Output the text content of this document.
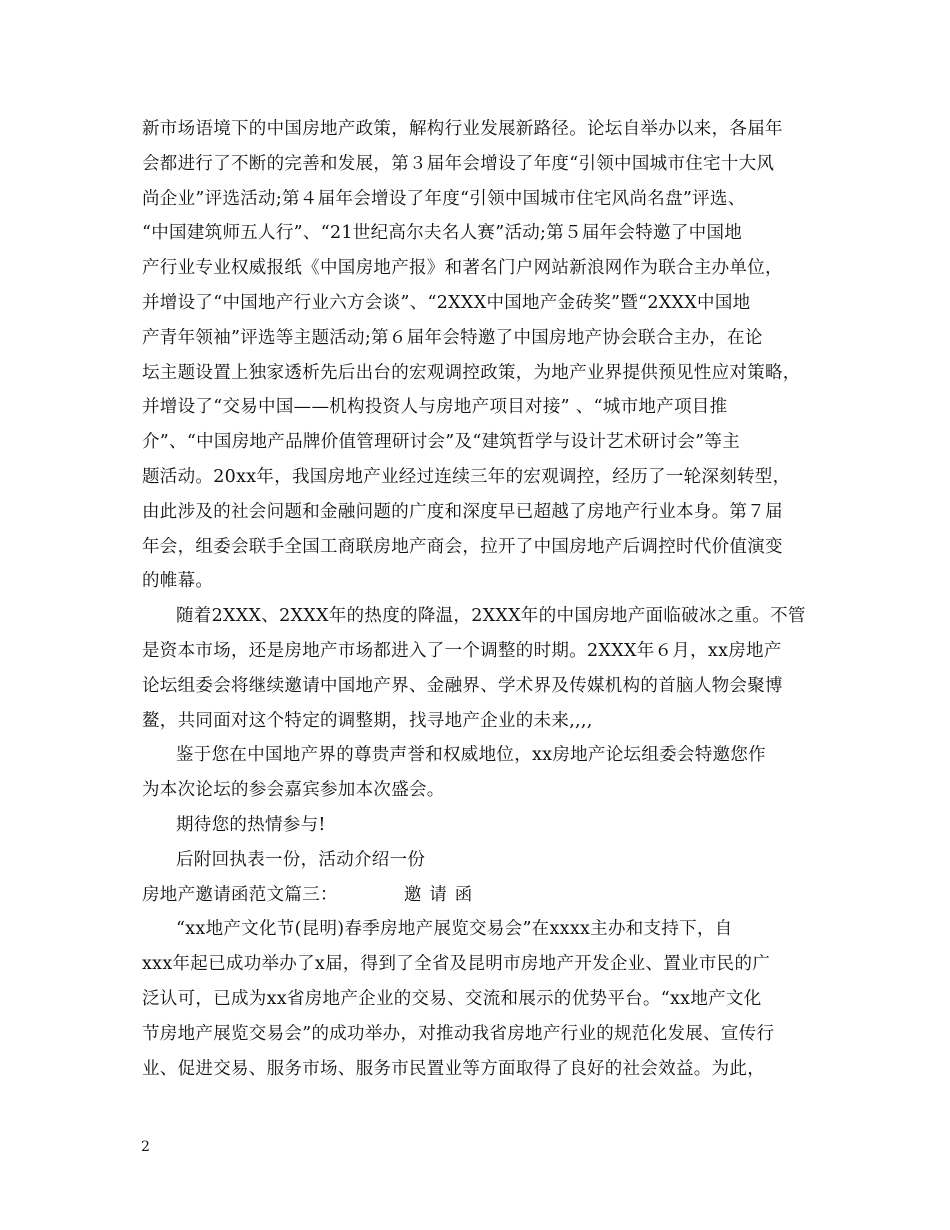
新市场语境下的中国房地产政策，解构行业发展新路径。论坛自举办以来，各届年
会都进行了不断的完善和发展，第３届年会增设了年度“引领中国城市住宅十大风
尚企业”评选活动;第４届年会增设了年度“引领中国城市住宅风尚名盘”评选、
“中国建筑师五人行”、“21世纪高尔夫名人赛”活动;第５届年会特邀了中国地
产行业专业权威报纸《中国房地产报》和著名门户网站新浪网作为联合主办单位，
并增设了“中国地产行业六方会谈”、“2XXX中国地产金砖奖”暨“2XXX中国地
产青年领袖”评选等主题活动;第６届年会特邀了中国房地产协会联合主办，在论
坛主题设置上独家透析先后出台的宏观调控政策，为地产业界提供预见性应对策略，
并增设了“交易中国——机构投资人与房地产项目对接” 、“城市地产项目推
介”、“中国房地产品牌价值管理研讨会”及“建筑哲学与设计艺术研讨会”等主
题活动。20xx年，我国房地产业经过连续三年的宏观调控，经历了一轮深刻转型，
由此涉及的社会问题和金融问题的广度和深度早已超越了房地产行业本身。第７届
年会，组委会联手全国工商联房地产商会，拉开了中国房地产后调控时代价值演变
的帷幕。
随着2XXX、2XXX年的热度的降温，2XXX年的中国房地产面临破冰之重。不管
是资本市场，还是房地产市场都进入了一个调整的时期。2XXX年６月，xx房地产
论坛组委会将继续邀请中国地产界、金融界、学术界及传媒机构的首脑人物会聚博
鳌，共同面对这个特定的调整期，找寻地产企业的未来,,,,
鉴于您在中国地产界的尊贵声誉和权威地位，xx房地产论坛组委会特邀您作
为本次论坛的参会嘉宾参加本次盛会。
期待您的热情参与!
后附回执表一份，活动介绍一份
房地产邀请函范文篇三：	邀请函
“xx地产文化节(昆明)春季房地产展览交易会”在xxxx主办和支持下，自
xxx年起已成功举办了x届，得到了全省及昆明市房地产开发企业、置业市民的广
泛认可，已成为xx省房地产企业的交易、交流和展示的优势平台。“xx地产文化
节房地产展览交易会”的成功举办，对推动我省房地产行业的规范化发展、宣传行
业、促进交易、服务市场、服务市民置业等方面取得了良好的社会效益。为此，
2
